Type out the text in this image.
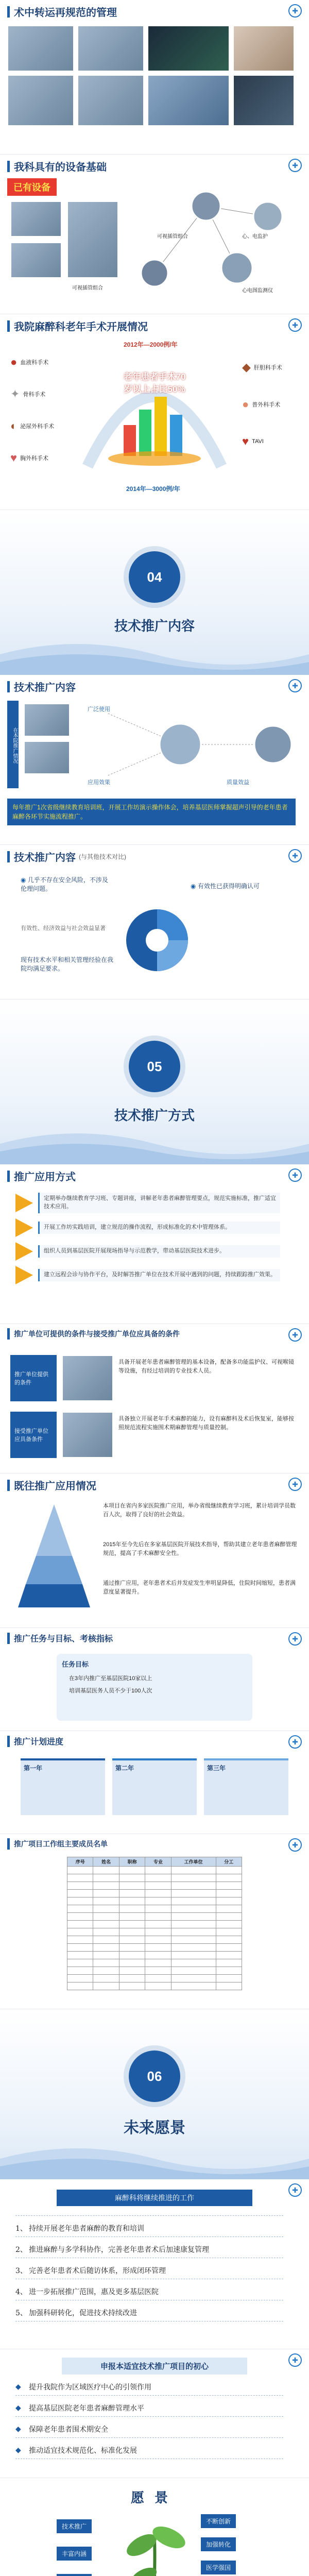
术中转运再规范的管理	✚
我科具有的设备基础	✚
已有设备
可视插管组合	心、电监护
心电图监测仪
可视插管组合
我院麻醉科老年手术开展情况	✚
2012年—2000例/年
老年患者手术70岁以上占比50%
2014年—3000例/年
● 血液科手术
✦ 骨科手术
◐ 泌尿外科手术
♥ 胸外科手术
◆ 肝胆科手术
● 普外科手术
♥ TAVI
04
技术推广内容
技术推广内容	✚
在本院推广情况
广泛使用
质量效益
应用效果
每年推广1次省级继续教育培训班，开展工作坊演示操作体会，培养基层医师掌握超声引导的老年患者麻醉各环节实施流程推广。
技术推广内容 (与其他技术对比)	✚
◉ 几乎不存在安全风险，不涉及伦理问题。	◉ 有效性已获得明确认可
有效性、经济效益与社会效益显著
现有技术水平和相关管理经验在我院均满足要求。
05
技术推广方式
推广应用方式	✚
定期举办继续教育学习班、专题讲座，讲解老年患者麻醉管理要点，规范实施标准，推广适宜技术应用。
开展工作坊实践培训，建立规范的操作流程，形成标准化的术中管理体系。
组织人员到基层医院开展现场指导与示范教学，带动基层医院技术进步。
建立远程会诊与协作平台，及时解答推广单位在技术开展中遇到的问题，持续跟踪推广效果。
推广单位可提供的条件与接受推广单位应具备的条件	✚
推广单位提供的条件
具备开展老年患者麻醉管理的基本设备，配备多功能监护仪、可视喉镜等设施，有经过培训的专业技术人员。
接受推广单位应具备条件
具备独立开展老年手术麻醉的能力，设有麻醉科及术后恢复室，能够按照规范流程实施围术期麻醉管理与质量控制。
既往推广应用情况	✚
本项目在省内多家医院推广应用，举办省级继续教育学习班，累计培训学员数百人次，取得了良好的社会效益。
2015年至今先后在多家基层医院开展技术指导，帮助其建立老年患者麻醉管理规范，提高了手术麻醉安全性。
通过推广应用，老年患者术后并发症发生率明显降低，住院时间缩短，患者满意度显著提升。
推广任务与目标、考核指标	✚
任务目标
在3年内推广至基层医院10家以上
培训基层医务人员不少于100人次
推广计划进度	✚
第一年	第二年	第三年
推广项目工作组主要成员名单	✚
序号	姓名	职称	专业	工作单位	分工

06
未来愿景
✚
麻醉科将继续推进的工作
1、 持续开展老年患者麻醉的教育和培训
2、 推进麻醉与多学科协作，完善老年患者术后加速康复管理
3、 完善老年患者术后随访体系，形成闭环管理
4、 进一步拓展推广范围，惠及更多基层医院
5、 加强科研转化，促进技术持续改进
✚
申报本适宜技术推广项目的初心
◆	提升我院作为区域医疗中心的引领作用
◆	提高基层医院老年患者麻醉管理水平
◆	保障老年患者围术期安全
◆	推动适宜技术规范化、标准化发展
愿景
技术推广
丰富内涵
不断创新
加强转化
医学强国
